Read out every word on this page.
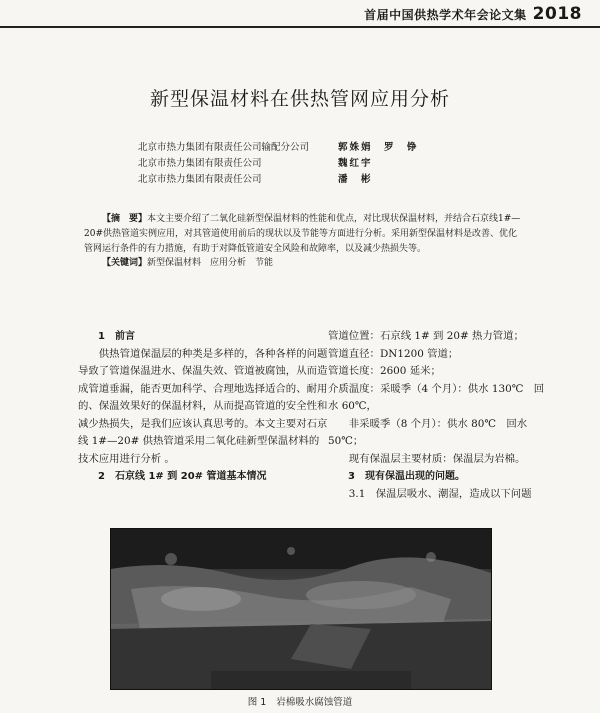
首届中国供热学术年会论文集 2018
新型保温材料在供热管网应用分析
北京市热力集团有限责任公司输配分公司	郭姝娟　罗　铮
北京市热力集团有限责任公司	魏红宇
北京市热力集团有限责任公司	潘　彬

【摘　要】本文主要介绍了二氧化硅新型保温材料的性能和优点，对比现状保温材料，并结合石京线1#—20#供热管道实例应用，对其管道使用前后的现状以及节能等方面进行分析。采用新型保温材料是改善、优化管网运行条件的有力措施，有助于对降低管道安全风险和故障率，以及减少热损失等。

【关键词】新型保温材料　应用分析　节能

1　前言

供热管道保温层的种类是多样的，各种各样的问题导致了管道保温进水、保温失效、管道被腐蚀，从而造成管道垂漏，能否更加科学、合理地选择适合的、耐用的、保温效果好的保温材料，从而提高管道的安全性和减少热损失，是我们应该认真思考的。本文主要对石京线 1#—20# 供热管道采用二氧化硅新型保温材料的技术应用进行分析 。

2　石京线 1# 到 20# 管道基本情况

管道位置：石京线 1# 到 20# 热力管道；

管道直径：DN1200 管道；

管道长度：2600 延米；

介质温度：采暖季（4 个月）：供水 130℃　回水 60℃，

非采暖季（8 个月）：供水 80℃　回水 50℃；

现有保温层主要材质：保温层为岩棉。

3　现有保温出现的问题。

3.1　保温层吸水、潮湿，造成以下问题

图 1 岩棉吸水腐蚀管道
